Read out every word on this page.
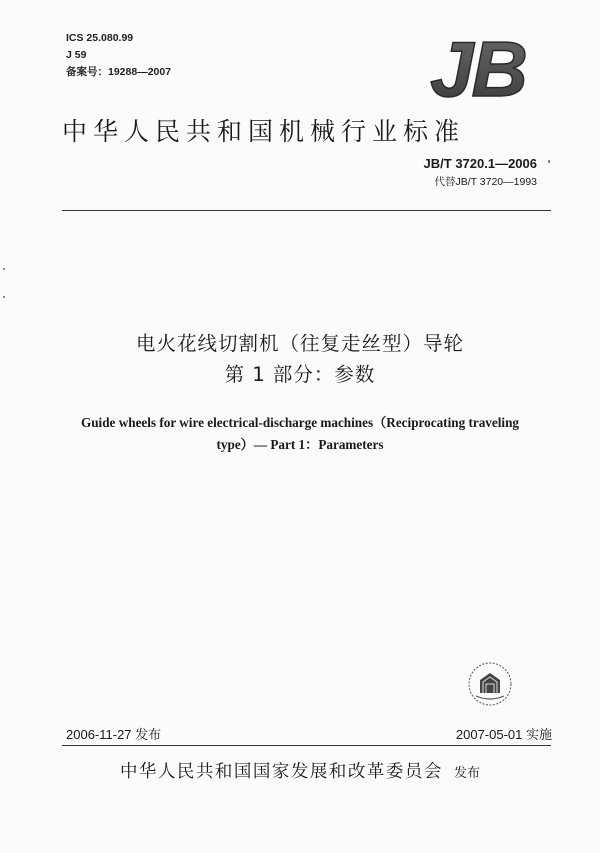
ICS 25.080.99
J 59
备案号：19288—2007	JB
中华人民共和国机械行业标准
JB/T 3720.1—2006
代替JB/T 3720—1993
电火花线切割机（往复走丝型）导轮
第 1 部分：参数
Guide wheels for wire electrical-discharge machines（Reciprocating traveling
type）— Part 1：Parameters
2006-11-27 发布	2007-05-01 实施
中华人民共和国国家发展和改革委员会 发布
